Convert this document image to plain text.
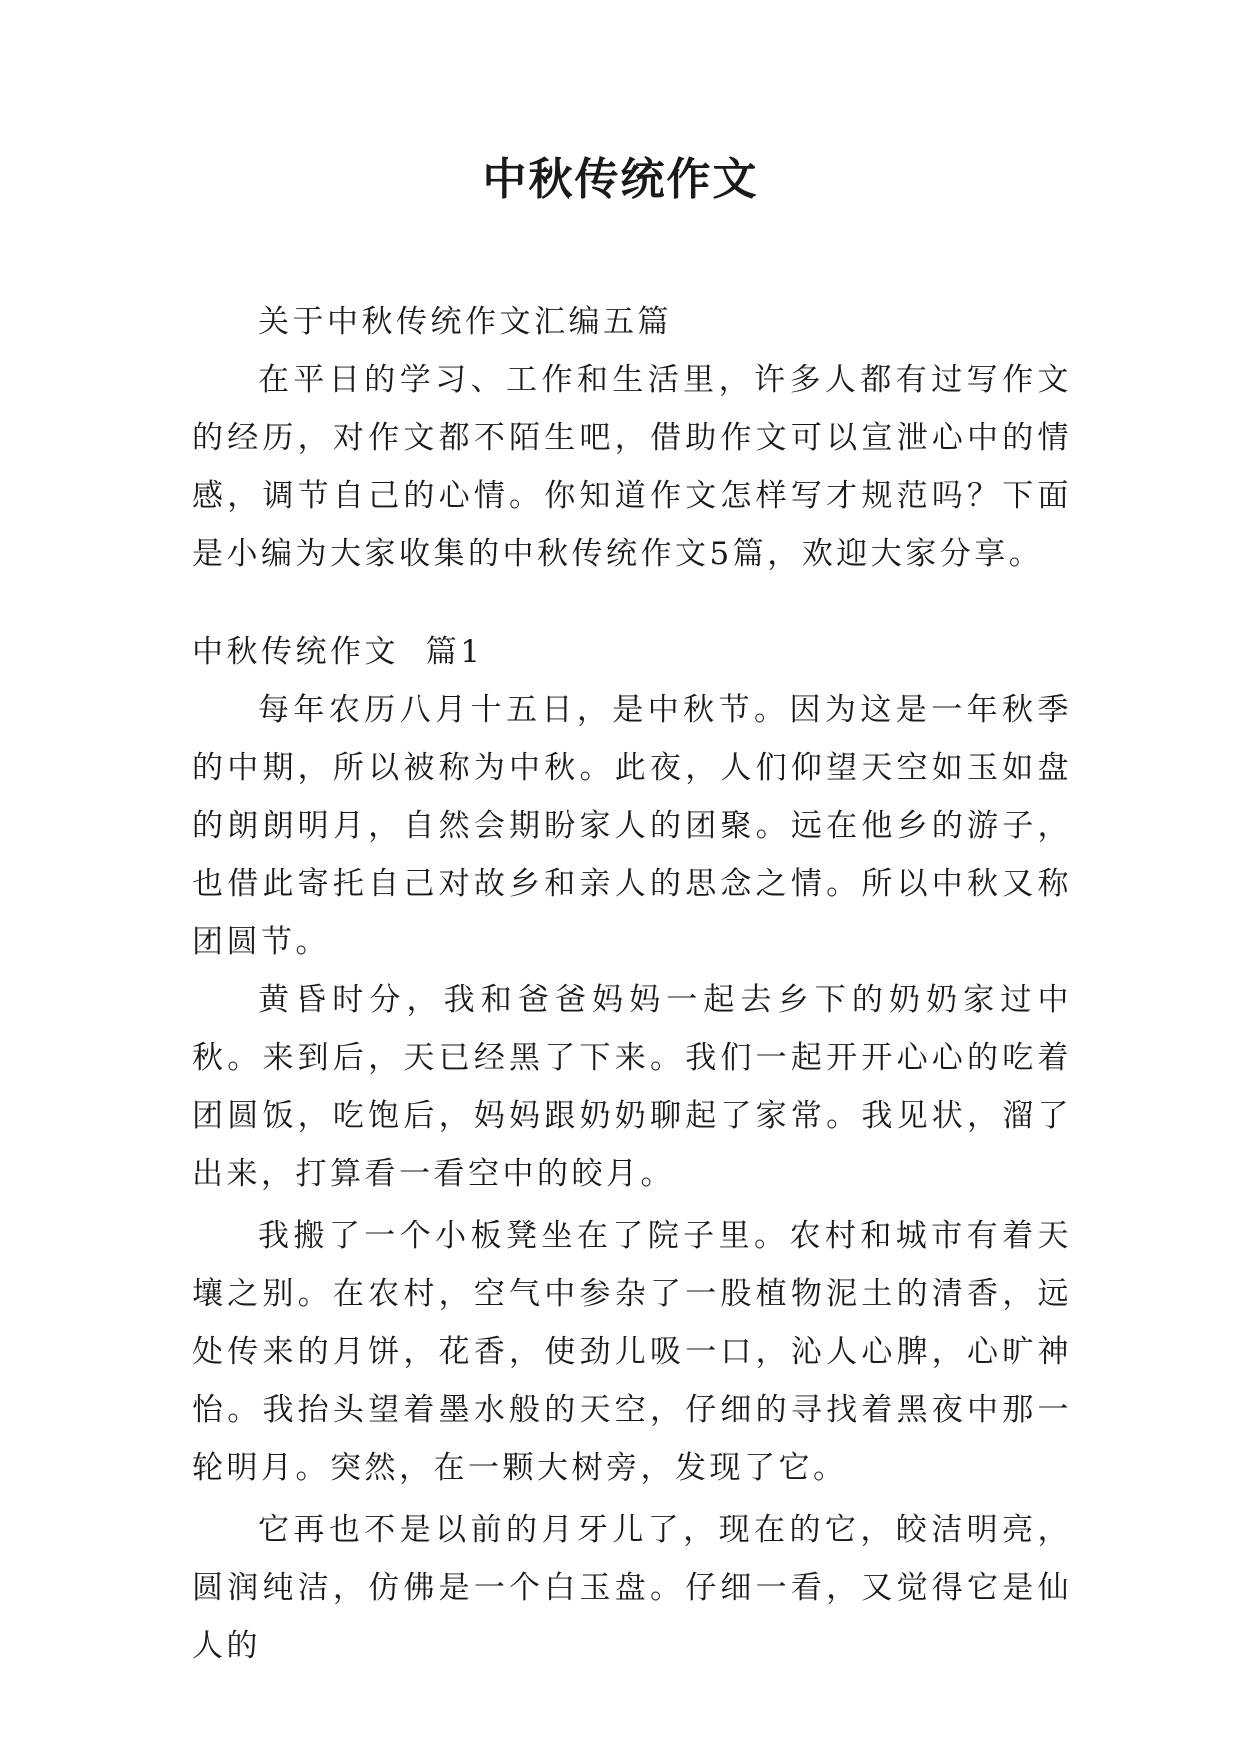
中秋传统作文

关于中秋传统作文汇编五篇

在平日的学习、工作和生活里，许多人都有过写作文的经历，对作文都不陌生吧，借助作文可以宣泄心中的情感，调节自己的心情。你知道作文怎样写才规范吗？下面是小编为大家收集的中秋传统作文5篇，欢迎大家分享。

中秋传统作文  篇1

每年农历八月十五日，是中秋节。因为这是一年秋季的中期，所以被称为中秋。此夜，人们仰望天空如玉如盘的朗朗明月，自然会期盼家人的团聚。远在他乡的游子，也借此寄托自己对故乡和亲人的思念之情。所以中秋又称团圆节。

黄昏时分，我和爸爸妈妈一起去乡下的奶奶家过中秋。来到后，天已经黑了下来。我们一起开开心心的吃着团圆饭，吃饱后，妈妈跟奶奶聊起了家常。我见状，溜了出来，打算看一看空中的皎月。

我搬了一个小板凳坐在了院子里。农村和城市有着天壤之别。在农村，空气中参杂了一股植物泥土的清香，远处传来的月饼，花香，使劲儿吸一口，沁人心脾，心旷神怡。我抬头望着墨水般的天空，仔细的寻找着黑夜中那一轮明月。突然，在一颗大树旁，发现了它。

它再也不是以前的月牙儿了，现在的它，皎洁明亮，圆润纯洁，仿佛是一个白玉盘。仔细一看，又觉得它是仙人的
